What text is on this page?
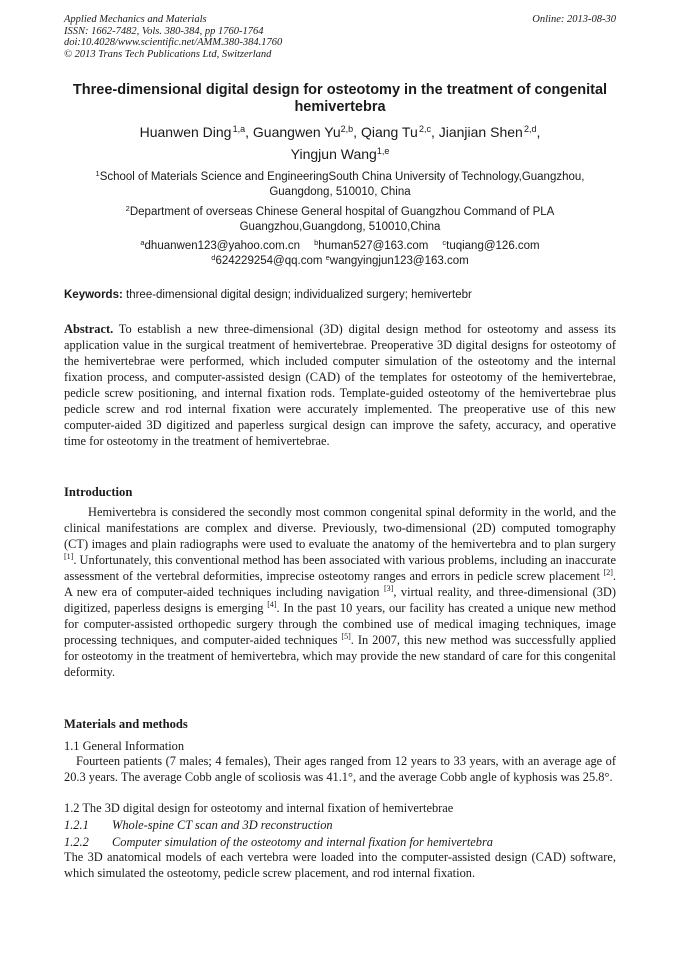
Applied Mechanics and Materials
ISSN: 1662-7482, Vols. 380-384, pp 1760-1764
doi:10.4028/www.scientific.net/AMM.380-384.1760
© 2013 Trans Tech Publications Ltd, Switzerland
Online: 2013-08-30
Three-dimensional digital design for osteotomy in the treatment of congenital hemivertebra
Huanwen Ding $^{1,a}$, Guangwen Yu$^{2,b}$, Qiang Tu $^{2,c}$, Jianjian Shen $^{2,d}$,
Yingjun Wang$^{1,e}$
$^1$School of Materials Science and EngineeringSouth China University of Technology,Guangzhou, Guangdong, 510010, China
$^2$Department of overseas Chinese General hospital of Guangzhou Command of PLA Guangzhou,Guangdong, 510010,China
$^a$dhuanwen123@yahoo.com.cn $^b$human527@163.com $^c$tuqiang@126.com
$^d$624229254@qq.com $^e$wangyingjun123@163.com
Keywords: three-dimensional digital design; individualized surgery; hemivertebr
Abstract. To establish a new three-dimensional (3D) digital design method for osteotomy and assess its application value in the surgical treatment of hemivertebrae. Preoperative 3D digital designs for osteotomy of the hemivertebrae were performed, which included computer simulation of the osteotomy and the internal fixation process, and computer-assisted design (CAD) of the templates for osteotomy of the hemivertebrae, pedicle screw positioning, and internal fixation rods. Template-guided osteotomy of the hemivertebrae plus pedicle screw and rod internal fixation were accurately implemented. The preoperative use of this new computer-aided 3D digitized and paperless surgical design can improve the safety, accuracy, and operative time for osteotomy in the treatment of hemivertebrae.
Introduction
Hemivertebra is considered the secondly most common congenital spinal deformity in the world, and the clinical manifestations are complex and diverse. Previously, two-dimensional (2D) computed tomography (CT) images and plain radiographs were used to evaluate the anatomy of the hemivertebra and to plan surgery [1]. Unfortunately, this conventional method has been associated with various problems, including an inaccurate assessment of the vertebral deformities, imprecise osteotomy ranges and errors in pedicle screw placement [2]. A new era of computer-aided techniques including navigation [3], virtual reality, and three-dimensional (3D) digitized, paperless designs is emerging [4]. In the past 10 years, our facility has created a unique new method for computer-assisted orthopedic surgery through the combined use of medical imaging techniques, image processing techniques, and computer-aided techniques [5]. In 2007, this new method was successfully applied for osteotomy in the treatment of hemivertebra, which may provide the new standard of care for this congenital deformity.
Materials and methods
1.1 General Information
Fourteen patients (7 males; 4 females), Their ages ranged from 12 years to 33 years, with an average age of 20.3 years. The average Cobb angle of scoliosis was 41.1°, and the average Cobb angle of kyphosis was 25.8°.
1.2 The 3D digital design for osteotomy and internal fixation of hemivertebrae
1.2.1 Whole-spine CT scan and 3D reconstruction
1.2.2 Computer simulation of the osteotomy and internal fixation for hemivertebra
The 3D anatomical models of each vertebra were loaded into the computer-assisted design (CAD) software, which simulated the osteotomy, pedicle screw placement, and rod internal fixation.
